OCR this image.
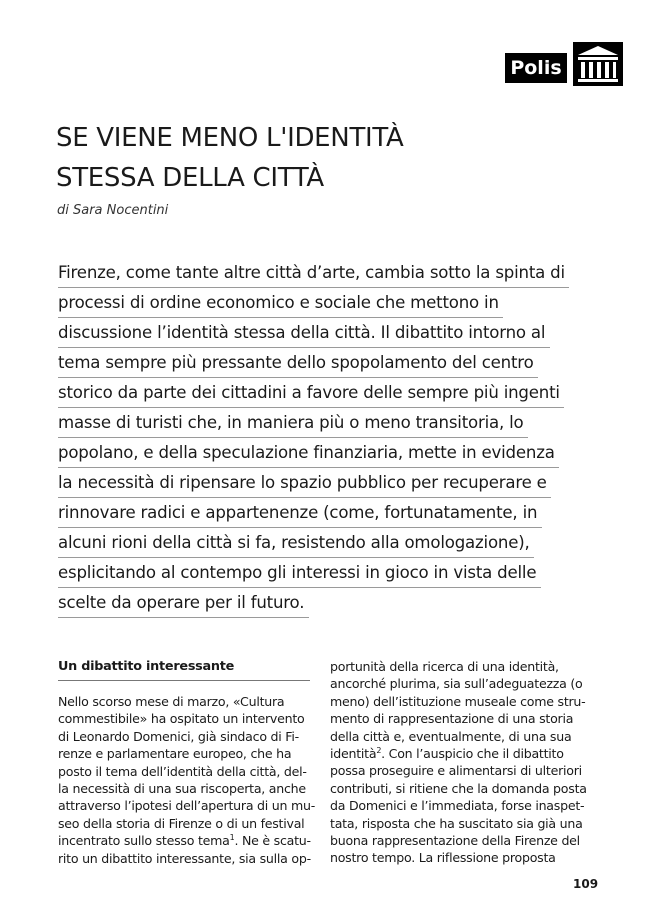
Polis
SE VIENE MENO L'IDENTITÀ
STESSA DELLA CITTÀ
di Sara Nocentini
Firenze, come tante altre città d’arte, cambia sotto la spinta di
processi di ordine economico e sociale che mettono in
discussione l’identità stessa della città. Il dibattito intorno al
tema sempre più pressante dello spopolamento del centro
storico da parte dei cittadini a favore delle sempre più ingenti
masse di turisti che, in maniera più o meno transitoria, lo
popolano, e della speculazione finanziaria, mette in evidenza
la necessità di ripensare lo spazio pubblico per recuperare e
rinnovare radici e appartenenze (come, fortunatamente, in
alcuni rioni della città si fa, resistendo alla omologazione),
esplicitando al contempo gli interessi in gioco in vista delle
scelte da operare per il futuro.
Un dibattito interessante
Nello scorso mese di marzo, «Cultura
commestibile» ha ospitato un intervento
di Leonardo Domenici, già sindaco di Fi-
renze e parlamentare europeo, che ha
posto il tema dell’identità della città, del-
la necessità di una sua riscoperta, anche
attraverso l’ipotesi dell’apertura di un mu-
seo della storia di Firenze o di un festival
incentrato sullo stesso tema$^1$. Ne è scatu-
rito un dibattito interessante, sia sulla op-
portunità della ricerca di una identità,
ancorché plurima, sia sull’adeguatezza (o
meno) dell’istituzione museale come stru-
mento di rappresentazione di una storia
della città e, eventualmente, di una sua
identità$^2$. Con l’auspicio che il dibattito
possa proseguire e alimentarsi di ulteriori
contributi, si ritiene che la domanda posta
da Domenici e l’immediata, forse inaspet-
tata, risposta che ha suscitato sia già una
buona rappresentazione della Firenze del
nostro tempo. La riflessione proposta
109
